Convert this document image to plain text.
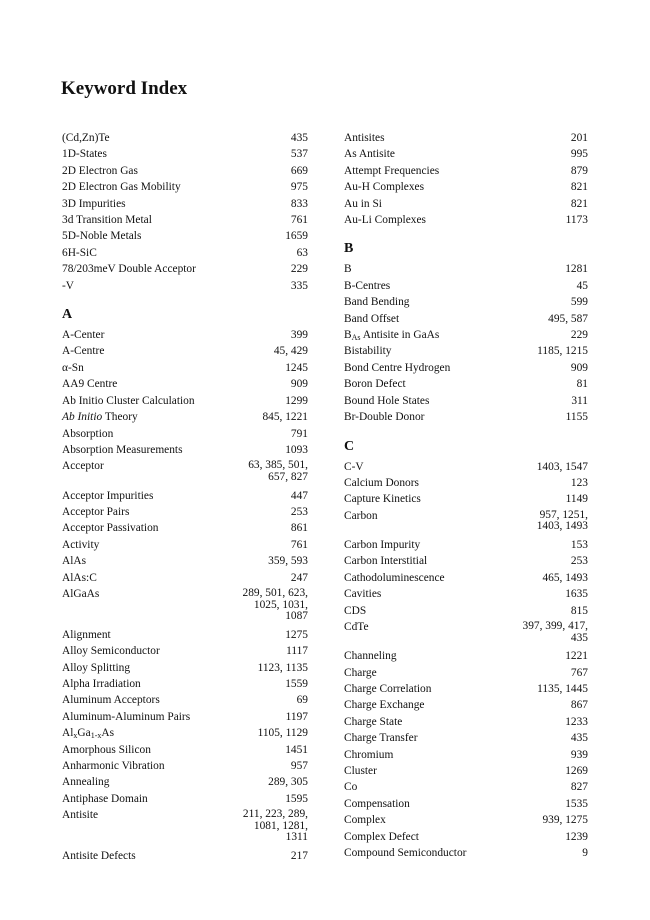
Keyword Index
(Cd,Zn)Te	435
1D-States	537
2D Electron Gas	669
2D Electron Gas Mobility	975
3D Impurities	833
3d Transition Metal	761
5D-Noble Metals	1659
6H-SiC	63
78/203meV Double Acceptor	229
-V	335
A
A-Center	399
A-Centre	45, 429
α-Sn	1245
AA9 Centre	909
Ab Initio Cluster Calculation	1299
Ab Initio Theory	845, 1221
Absorption	791
Absorption Measurements	1093
Acceptor	63, 385, 501,
657, 827
Acceptor Impurities	447
Acceptor Pairs	253
Acceptor Passivation	861
Activity	761
AlAs	359, 593
AlAs:C	247
AlGaAs	289, 501, 623,
1025, 1031,
1087
Alignment	1275
Alloy Semiconductor	1117
Alloy Splitting	1123, 1135
Alpha Irradiation	1559
Aluminum Acceptors	69
Aluminum-Aluminum Pairs	1197
$Al_xGa_{1-x}As$	1105, 1129
Amorphous Silicon	1451
Anharmonic Vibration	957
Annealing	289, 305
Antiphase Domain	1595
Antisite	211, 223, 289,
1081, 1281,
1311
Antisite Defects	217
Antisites	201
As Antisite	995
Attempt Frequencies	879
Au-H Complexes	821
Au in Si	821
Au-Li Complexes	1173
B
B	1281
B-Centres	45
Band Bending	599
Band Offset	495, 587
$B_{As}$ Antisite in GaAs	229
Bistability	1185, 1215
Bond Centre Hydrogen	909
Boron Defect	81
Bound Hole States	311
Br-Double Donor	1155
C
C-V	1403, 1547
Calcium Donors	123
Capture Kinetics	1149
Carbon	957, 1251,
1403, 1493
Carbon Impurity	153
Carbon Interstitial	253
Cathodoluminescence	465, 1493
Cavities	1635
CDS	815
CdTe	397, 399, 417,
435
Channeling	1221
Charge	767
Charge Correlation	1135, 1445
Charge Exchange	867
Charge State	1233
Charge Transfer	435
Chromium	939
Cluster	1269
Co	827
Compensation	1535
Complex	939, 1275
Complex Defect	1239
Compound Semiconductor	9
